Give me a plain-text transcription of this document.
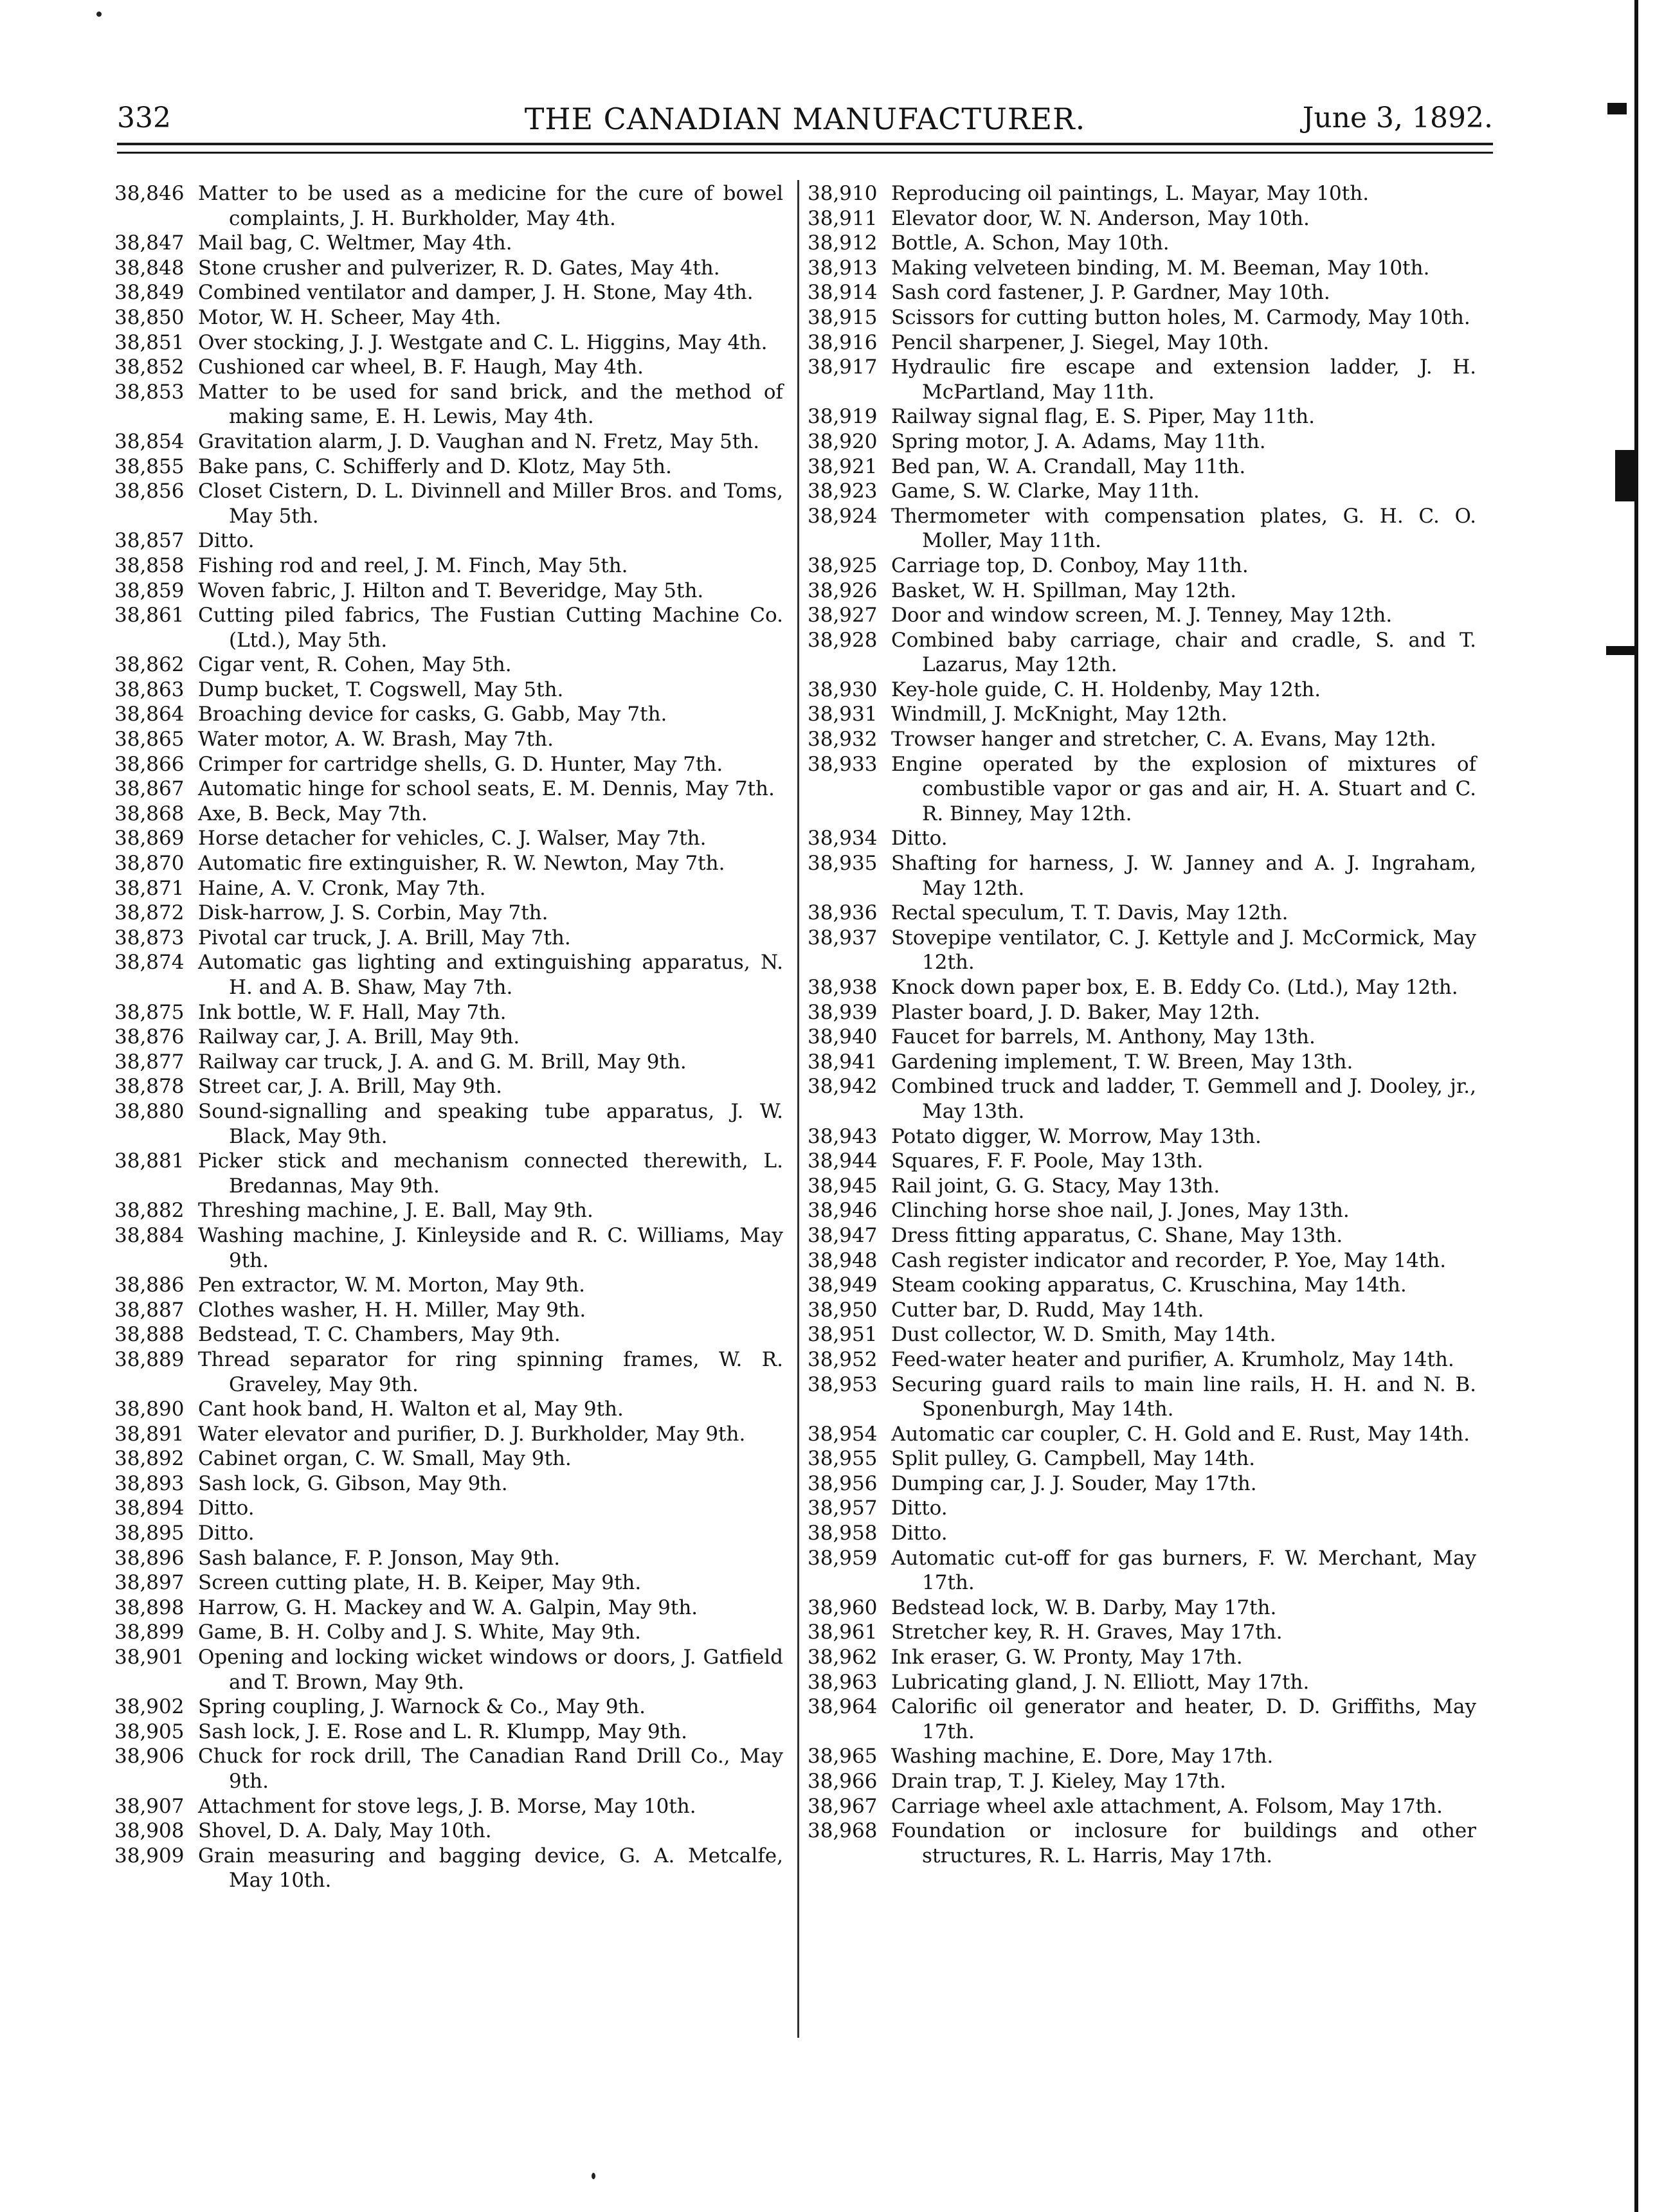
332	THE CANADIAN MANUFACTURER.	June 3, 1892.
38,846 Matter to be used as a medicine for the cure of bowel complaints, J. H. Burkholder, May 4th.
38,847 Mail bag, C. Weltmer, May 4th.
38,848 Stone crusher and pulverizer, R. D. Gates, May 4th.
38,849 Combined ventilator and damper, J. H. Stone, May 4th.
38,850 Motor, W. H. Scheer, May 4th.
38,851 Over stocking, J. J. Westgate and C. L. Higgins, May 4th.
38,852 Cushioned car wheel, B. F. Haugh, May 4th.
38,853 Matter to be used for sand brick, and the method of making same, E. H. Lewis, May 4th.
38,854 Gravitation alarm, J. D. Vaughan and N. Fretz, May 5th.
38,855 Bake pans, C. Schifferly and D. Klotz, May 5th.
38,856 Closet Cistern, D. L. Divinnell and Miller Bros. and Toms, May 5th.
38,857 Ditto.
38,858 Fishing rod and reel, J. M. Finch, May 5th.
38,859 Woven fabric, J. Hilton and T. Beveridge, May 5th.
38,861 Cutting piled fabrics, The Fustian Cutting Machine Co. (Ltd.), May 5th.
38,862 Cigar vent, R. Cohen, May 5th.
38,863 Dump bucket, T. Cogswell, May 5th.
38,864 Broaching device for casks, G. Gabb, May 7th.
38,865 Water motor, A. W. Brash, May 7th.
38,866 Crimper for cartridge shells, G. D. Hunter, May 7th.
38,867 Automatic hinge for school seats, E. M. Dennis, May 7th.
38,868 Axe, B. Beck, May 7th.
38,869 Horse detacher for vehicles, C. J. Walser, May 7th.
38,870 Automatic fire extinguisher, R. W. Newton, May 7th.
38,871 Haine, A. V. Cronk, May 7th.
38,872 Disk-harrow, J. S. Corbin, May 7th.
38,873 Pivotal car truck, J. A. Brill, May 7th.
38,874 Automatic gas lighting and extinguishing apparatus, N. H. and A. B. Shaw, May 7th.
38,875 Ink bottle, W. F. Hall, May 7th.
38,876 Railway car, J. A. Brill, May 9th.
38,877 Railway car truck, J. A. and G. M. Brill, May 9th.
38,878 Street car, J. A. Brill, May 9th.
38,880 Sound-signalling and speaking tube apparatus, J. W. Black, May 9th.
38,881 Picker stick and mechanism connected therewith, L. Bredannas, May 9th.
38,882 Threshing machine, J. E. Ball, May 9th.
38,884 Washing machine, J. Kinleyside and R. C. Williams, May 9th.
38,886 Pen extractor, W. M. Morton, May 9th.
38,887 Clothes washer, H. H. Miller, May 9th.
38,888 Bedstead, T. C. Chambers, May 9th.
38,889 Thread separator for ring spinning frames, W. R. Graveley, May 9th.
38,890 Cant hook band, H. Walton et al, May 9th.
38,891 Water elevator and purifier, D. J. Burkholder, May 9th.
38,892 Cabinet organ, C. W. Small, May 9th.
38,893 Sash lock, G. Gibson, May 9th.
38,894 Ditto.
38,895 Ditto.
38,896 Sash balance, F. P. Jonson, May 9th.
38,897 Screen cutting plate, H. B. Keiper, May 9th.
38,898 Harrow, G. H. Mackey and W. A. Galpin, May 9th.
38,899 Game, B. H. Colby and J. S. White, May 9th.
38,901 Opening and locking wicket windows or doors, J. Gatfield and T. Brown, May 9th.
38,902 Spring coupling, J. Warnock & Co., May 9th.
38,905 Sash lock, J. E. Rose and L. R. Klumpp, May 9th.
38,906 Chuck for rock drill, The Canadian Rand Drill Co., May 9th.
38,907 Attachment for stove legs, J. B. Morse, May 10th.
38,908 Shovel, D. A. Daly, May 10th.
38,909 Grain measuring and bagging device, G. A. Metcalfe, May 10th.
38,910 Reproducing oil paintings, L. Mayar, May 10th.
38,911 Elevator door, W. N. Anderson, May 10th.
38,912 Bottle, A. Schon, May 10th.
38,913 Making velveteen binding, M. M. Beeman, May 10th.
38,914 Sash cord fastener, J. P. Gardner, May 10th.
38,915 Scissors for cutting button holes, M. Carmody, May 10th.
38,916 Pencil sharpener, J. Siegel, May 10th.
38,917 Hydraulic fire escape and extension ladder, J. H. McPartland, May 11th.
38,919 Railway signal flag, E. S. Piper, May 11th.
38,920 Spring motor, J. A. Adams, May 11th.
38,921 Bed pan, W. A. Crandall, May 11th.
38,923 Game, S. W. Clarke, May 11th.
38,924 Thermometer with compensation plates, G. H. C. O. Moller, May 11th.
38,925 Carriage top, D. Conboy, May 11th.
38,926 Basket, W. H. Spillman, May 12th.
38,927 Door and window screen, M. J. Tenney, May 12th.
38,928 Combined baby carriage, chair and cradle, S. and T. Lazarus, May 12th.
38,930 Key-hole guide, C. H. Holdenby, May 12th.
38,931 Windmill, J. McKnight, May 12th.
38,932 Trowser hanger and stretcher, C. A. Evans, May 12th.
38,933 Engine operated by the explosion of mixtures of combustible vapor or gas and air, H. A. Stuart and C. R. Binney, May 12th.
38,934 Ditto.
38,935 Shafting for harness, J. W. Janney and A. J. Ingraham, May 12th.
38,936 Rectal speculum, T. T. Davis, May 12th.
38,937 Stovepipe ventilator, C. J. Kettyle and J. McCormick, May 12th.
38,938 Knock down paper box, E. B. Eddy Co. (Ltd.), May 12th.
38,939 Plaster board, J. D. Baker, May 12th.
38,940 Faucet for barrels, M. Anthony, May 13th.
38,941 Gardening implement, T. W. Breen, May 13th.
38,942 Combined truck and ladder, T. Gemmell and J. Dooley, jr., May 13th.
38,943 Potato digger, W. Morrow, May 13th.
38,944 Squares, F. F. Poole, May 13th.
38,945 Rail joint, G. G. Stacy, May 13th.
38,946 Clinching horse shoe nail, J. Jones, May 13th.
38,947 Dress fitting apparatus, C. Shane, May 13th.
38,948 Cash register indicator and recorder, P. Yoe, May 14th.
38,949 Steam cooking apparatus, C. Kruschina, May 14th.
38,950 Cutter bar, D. Rudd, May 14th.
38,951 Dust collector, W. D. Smith, May 14th.
38,952 Feed-water heater and purifier, A. Krumholz, May 14th.
38,953 Securing guard rails to main line rails, H. H. and N. B. Sponenburgh, May 14th.
38,954 Automatic car coupler, C. H. Gold and E. Rust, May 14th.
38,955 Split pulley, G. Campbell, May 14th.
38,956 Dumping car, J. J. Souder, May 17th.
38,957 Ditto.
38,958 Ditto.
38,959 Automatic cut-off for gas burners, F. W. Merchant, May 17th.
38,960 Bedstead lock, W. B. Darby, May 17th.
38,961 Stretcher key, R. H. Graves, May 17th.
38,962 Ink eraser, G. W. Pronty, May 17th.
38,963 Lubricating gland, J. N. Elliott, May 17th.
38,964 Calorific oil generator and heater, D. D. Griffiths, May 17th.
38,965 Washing machine, E. Dore, May 17th.
38,966 Drain trap, T. J. Kieley, May 17th.
38,967 Carriage wheel axle attachment, A. Folsom, May 17th.
38,968 Foundation or inclosure for buildings and other structures, R. L. Harris, May 17th.
